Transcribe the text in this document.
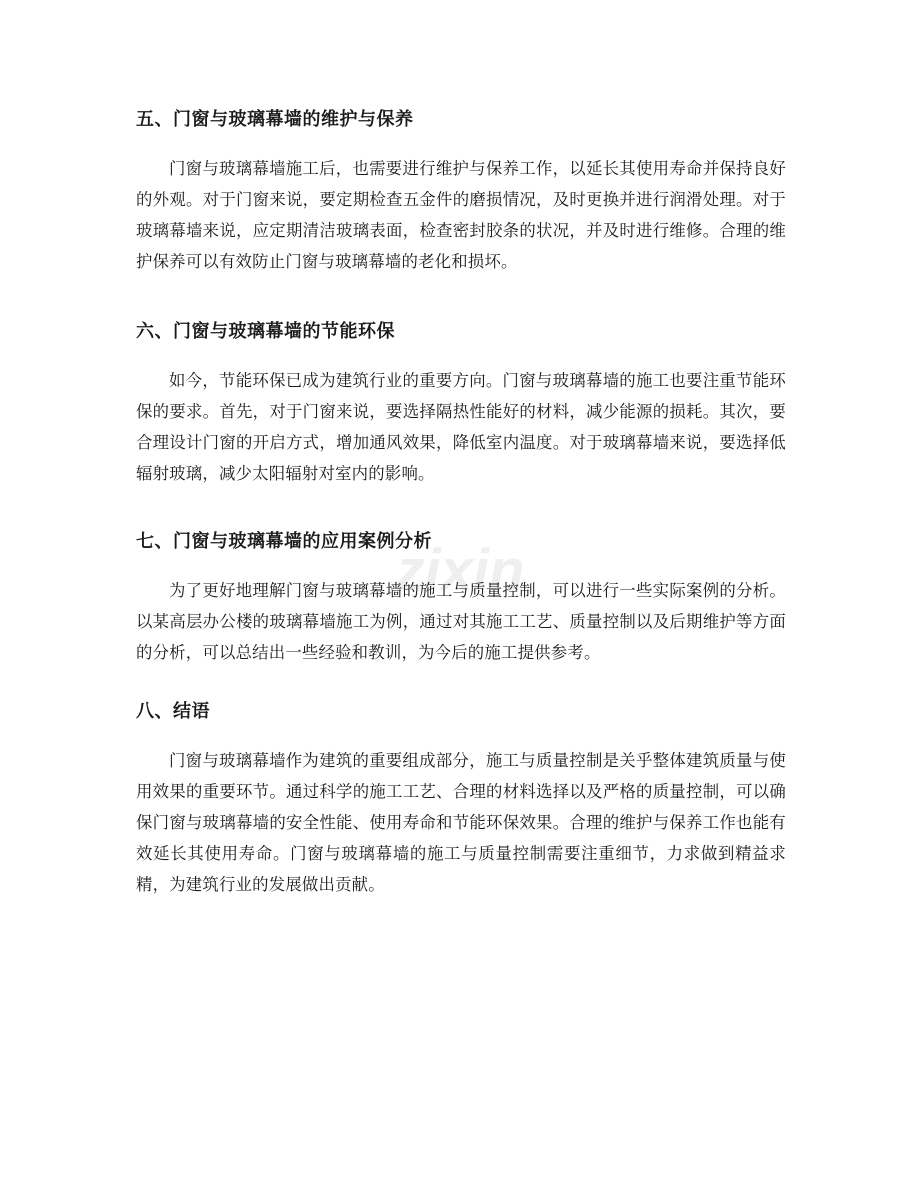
zixin
五、门窗与玻璃幕墙的维护与保养

门窗与玻璃幕墙施工后，也需要进行维护与保养工作，以延长其使用寿命并保持良好的外观。对于门窗来说，要定期检查五金件的磨损情况，及时更换并进行润滑处理。对于玻璃幕墙来说，应定期清洁玻璃表面，检查密封胶条的状况，并及时进行维修。合理的维护保养可以有效防止门窗与玻璃幕墙的老化和损坏。

六、门窗与玻璃幕墙的节能环保

如今，节能环保已成为建筑行业的重要方向。门窗与玻璃幕墙的施工也要注重节能环保的要求。首先，对于门窗来说，要选择隔热性能好的材料，减少能源的损耗。其次，要合理设计门窗的开启方式，增加通风效果，降低室内温度。对于玻璃幕墙来说，要选择低辐射玻璃，减少太阳辐射对室内的影响。

七、门窗与玻璃幕墙的应用案例分析

为了更好地理解门窗与玻璃幕墙的施工与质量控制，可以进行一些实际案例的分析。以某高层办公楼的玻璃幕墙施工为例，通过对其施工工艺、质量控制以及后期维护等方面的分析，可以总结出一些经验和教训，为今后的施工提供参考。

八、结语

门窗与玻璃幕墙作为建筑的重要组成部分，施工与质量控制是关乎整体建筑质量与使用效果的重要环节。通过科学的施工工艺、合理的材料选择以及严格的质量控制，可以确保门窗与玻璃幕墙的安全性能、使用寿命和节能环保效果。合理的维护与保养工作也能有效延长其使用寿命。门窗与玻璃幕墙的施工与质量控制需要注重细节，力求做到精益求精，为建筑行业的发展做出贡献。
